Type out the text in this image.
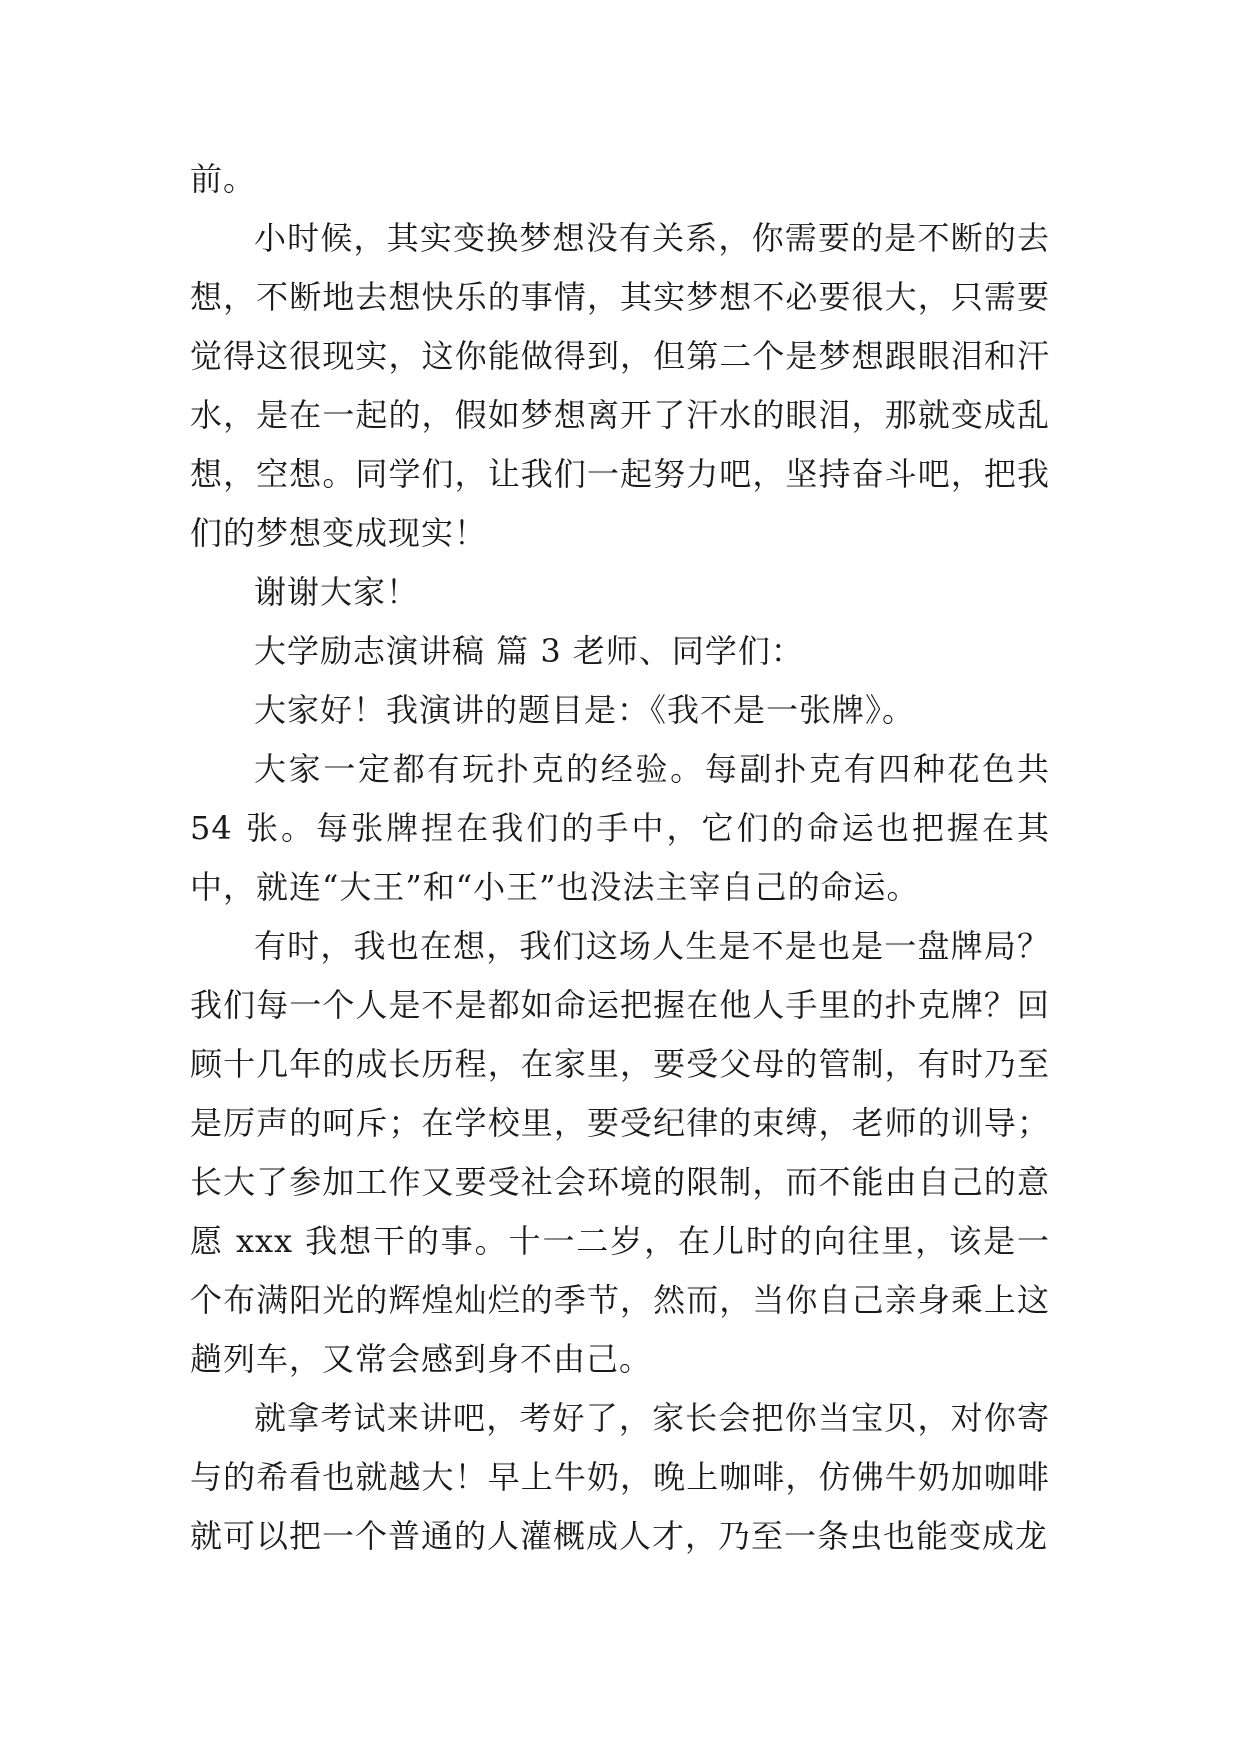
前。

小时候，其实变换梦想没有关系，你需要的是不断的去想，不断地去想快乐的事情，其实梦想不必要很大，只需要觉得这很现实，这你能做得到，但第二个是梦想跟眼泪和汗水，是在一起的，假如梦想离开了汗水的眼泪，那就变成乱想，空想。同学们，让我们一起努力吧，坚持奋斗吧，把我们的梦想变成现实！

谢谢大家！

大学励志演讲稿 篇 3 老师、同学们：

大家好！我演讲的题目是：《我不是一张牌》。

大家一定都有玩扑克的经验。每副扑克有四种花色共 54 张。每张牌捏在我们的手中，它们的命运也把握在其中，就连“大王”和“小王”也没法主宰自己的命运。

有时，我也在想，我们这场人生是不是也是一盘牌局？我们每一个人是不是都如命运把握在他人手里的扑克牌？回顾十几年的成长历程，在家里，要受父母的管制，有时乃至是厉声的呵斥；在学校里，要受纪律的束缚，老师的训导；长大了参加工作又要受社会环境的限制，而不能由自己的意愿 xxx 我想干的事。十一二岁，在儿时的向往里，该是一个布满阳光的辉煌灿烂的季节，然而，当你自己亲身乘上这趟列车，又常会感到身不由己。

就拿考试来讲吧，考好了，家长会把你当宝贝，对你寄与的希看也就越大！早上牛奶，晚上咖啡，仿佛牛奶加咖啡就可以把一个普通的人灌概成人才，乃至一条虫也能变成龙
